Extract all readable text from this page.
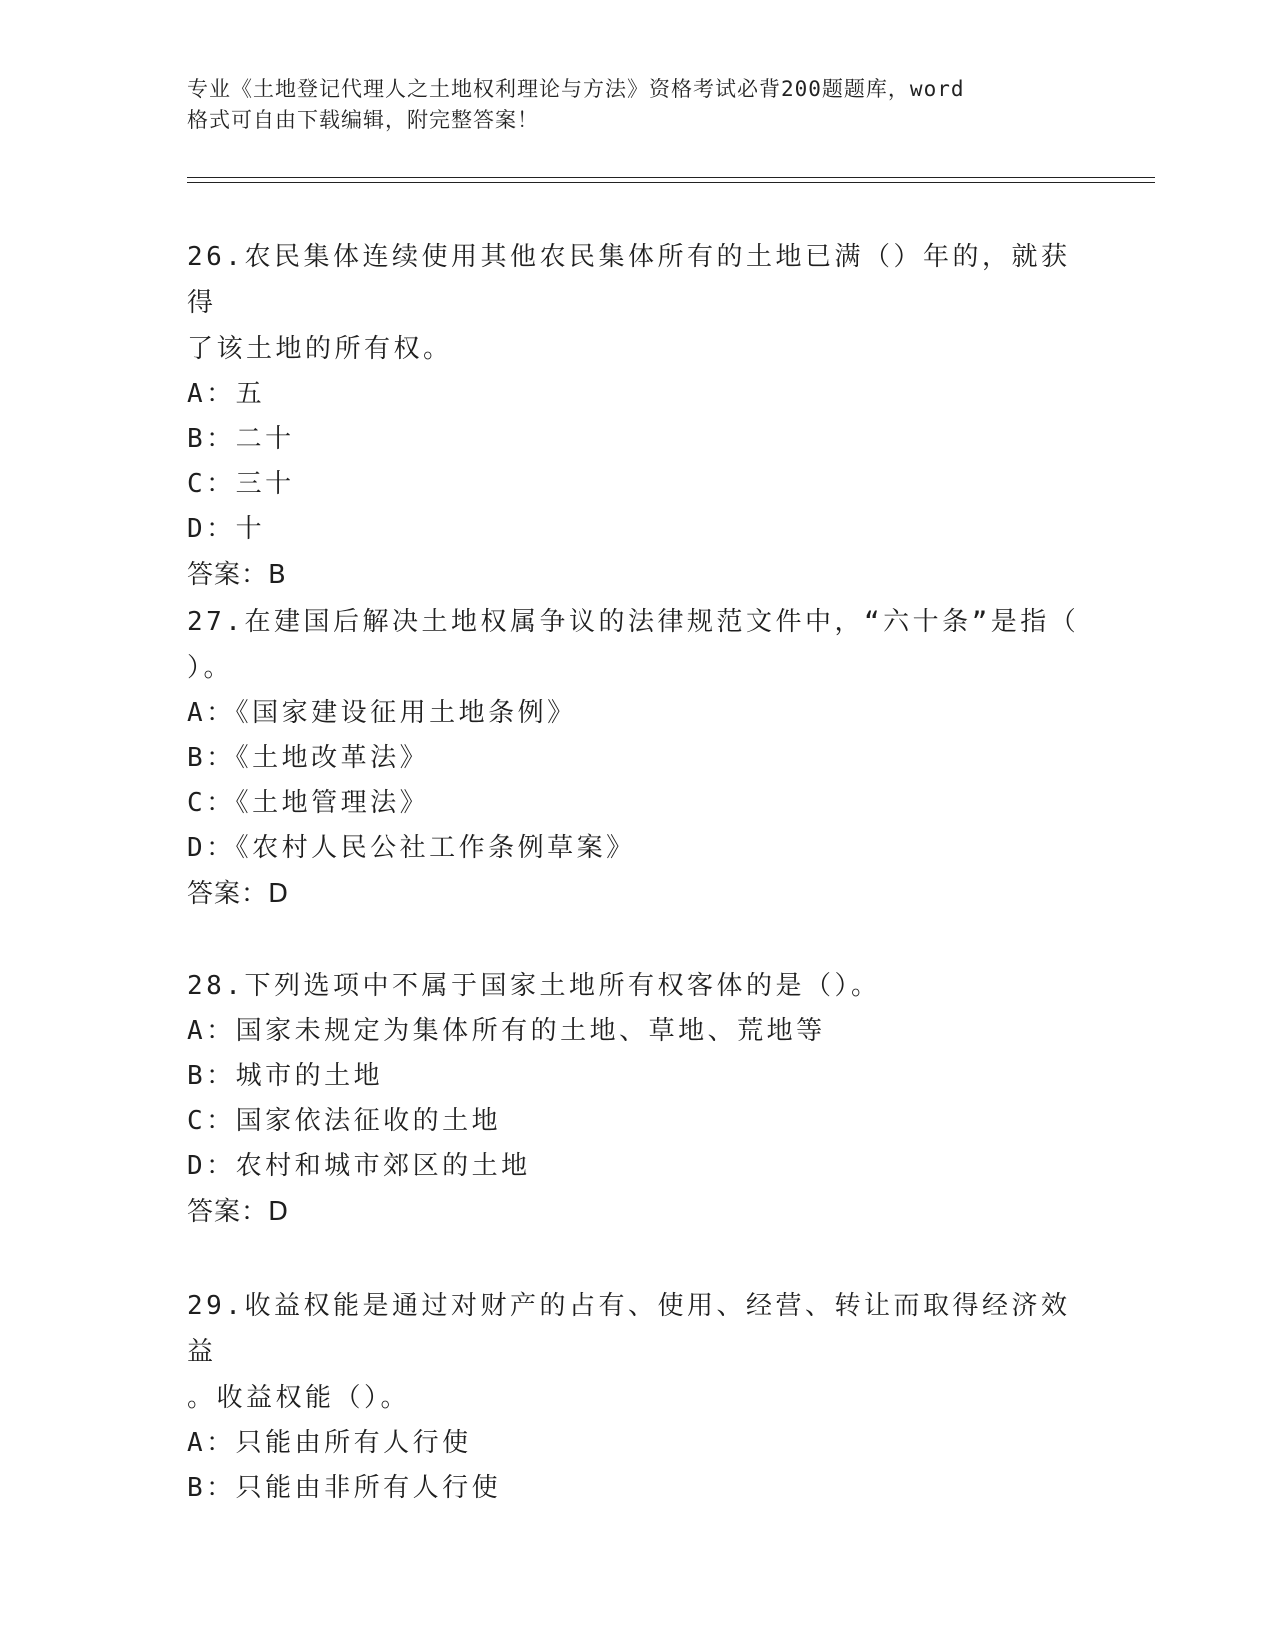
专业《土地登记代理人之土地权利理论与方法》资格考试必背200题题库，word
格式可自由下载编辑，附完整答案！
26.农民集体连续使用其他农民集体所有的土地已满（）年的，就获得
了该土地的所有权。
A：五
B：二十
C：三十
D：十
答案：B
27.在建国后解决土地权属争议的法律规范文件中，“六十条”是指（
）。
A：《国家建设征用土地条例》
B：《土地改革法》
C：《土地管理法》
D：《农村人民公社工作条例草案》
答案：D
28.下列选项中不属于国家土地所有权客体的是（）。
A：国家未规定为集体所有的土地、草地、荒地等
B：城市的土地
C：国家依法征收的土地
D：农村和城市郊区的土地
答案：D
29.收益权能是通过对财产的占有、使用、经营、转让而取得经济效益
。收益权能（）。
A：只能由所有人行使
B：只能由非所有人行使
